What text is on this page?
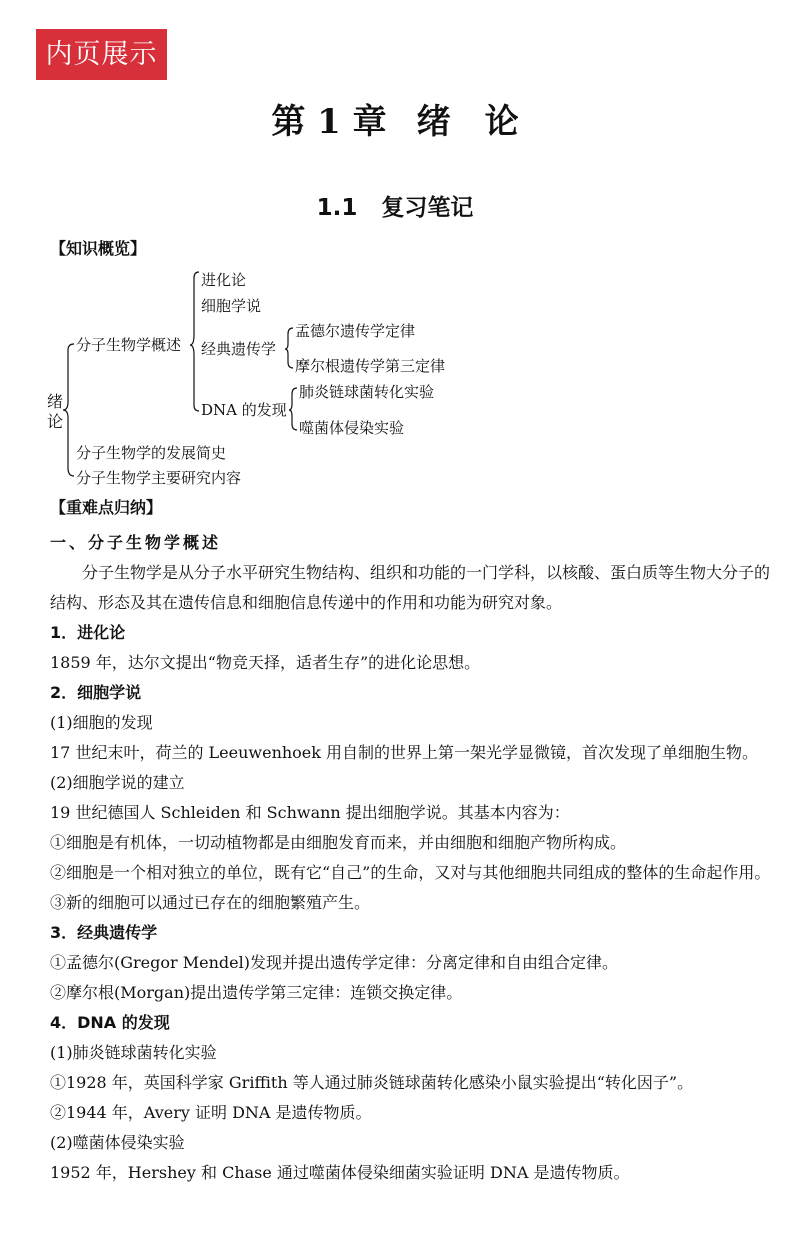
内页展示
第 1 章 绪　论
1.1 复习笔记
【知识概览】
绪论
分子生物学概述
进化论
细胞学说
经典遗传学
孟德尔遗传学定律
摩尔根遗传学第三定律
DNA 的发现
肺炎链球菌转化实验
噬菌体侵染实验
分子生物学的发展简史
分子生物学主要研究内容
【重难点归纳】

一、分子生物学概述

分子生物学是从分子水平研究生物结构、组织和功能的一门学科，以核酸、蛋白质等生物大分子的结构、形态及其在遗传信息和细胞信息传递中的作用和功能为研究对象。

1．进化论

1859 年，达尔文提出“物竞天择，适者生存”的进化论思想。

2．细胞学说

(1)细胞的发现

17 世纪末叶，荷兰的 Leeuwenhoek 用自制的世界上第一架光学显微镜，首次发现了单细胞生物。

(2)细胞学说的建立

19 世纪德国人 Schleiden 和 Schwann 提出细胞学说。其基本内容为：

①细胞是有机体，一切动植物都是由细胞发育而来，并由细胞和细胞产物所构成。

②细胞是一个相对独立的单位，既有它“自己”的生命，又对与其他细胞共同组成的整体的生命起作用。

③新的细胞可以通过已存在的细胞繁殖产生。

3．经典遗传学

①孟德尔(Gregor Mendel)发现并提出遗传学定律：分离定律和自由组合定律。

②摩尔根(Morgan)提出遗传学第三定律：连锁交换定律。

4．DNA 的发现

(1)肺炎链球菌转化实验

①1928 年，英国科学家 Griffith 等人通过肺炎链球菌转化感染小鼠实验提出“转化因子”。

②1944 年，Avery 证明 DNA 是遗传物质。

(2)噬菌体侵染实验

1952 年，Hershey 和 Chase 通过噬菌体侵染细菌实验证明 DNA 是遗传物质。
